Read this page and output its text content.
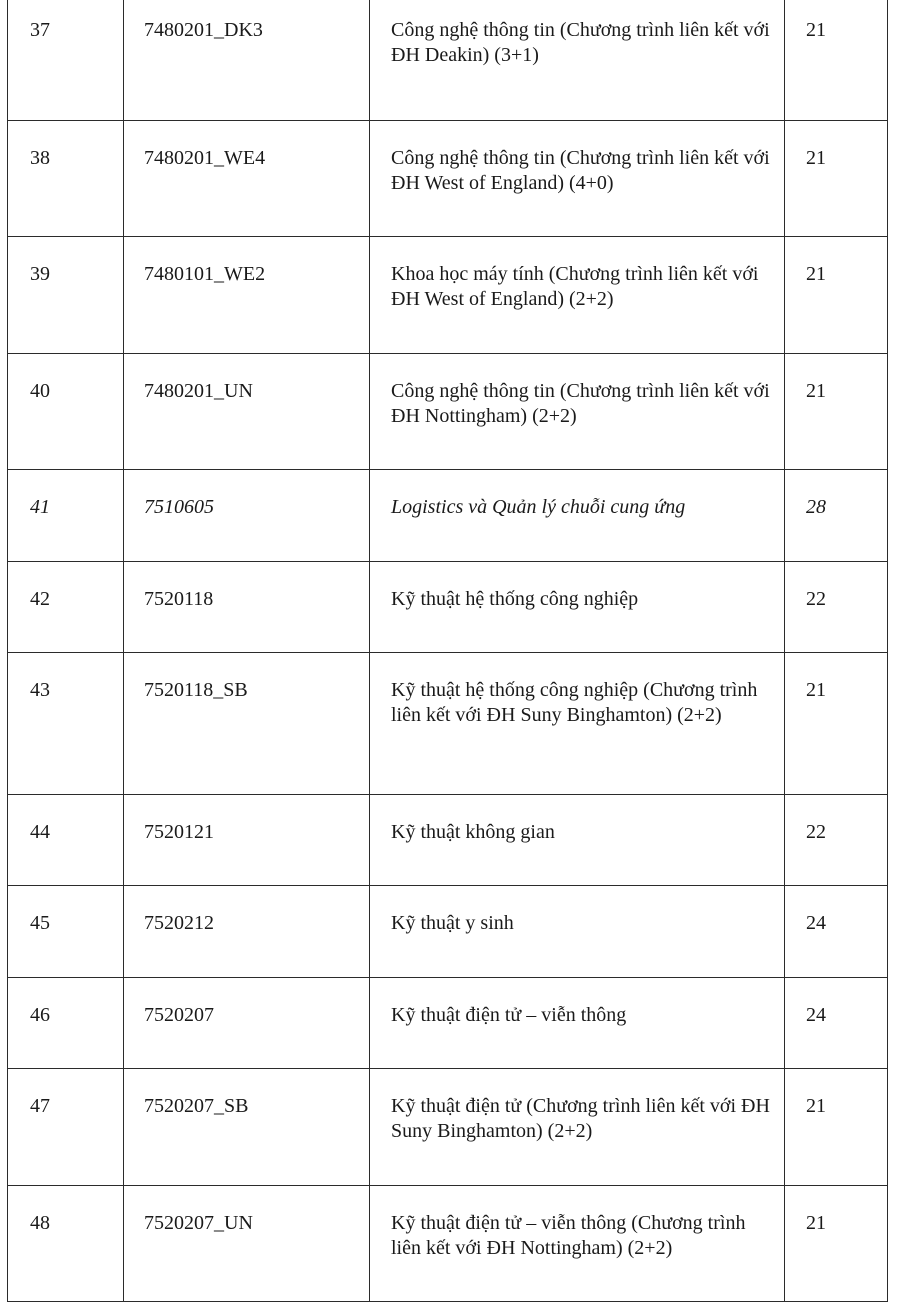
37	7480201_DK3	Công nghệ thông tin (Chương trình liên kết với ĐH Deakin) (3+1)	21

38	7480201_WE4	Công nghệ thông tin (Chương trình liên kết với ĐH West of England) (4+0)	21

39	7480101_WE2	Khoa học máy tính (Chương trình liên kết với ĐH West of England) (2+2)	21

40	7480201_UN	Công nghệ thông tin (Chương trình liên kết với ĐH Nottingham) (2+2)	21

41	7510605	Logistics và Quản lý chuỗi cung ứng	28

42	7520118	Kỹ thuật hệ thống công nghiệp	22

43	7520118_SB	Kỹ thuật hệ thống công nghiệp (Chương trình liên kết với ĐH Suny Binghamton) (2+2)	21

44	7520121	Kỹ thuật không gian	22

45	7520212	Kỹ thuật y sinh	24

46	7520207	Kỹ thuật điện tử – viễn thông	24

47	7520207_SB	Kỹ thuật điện tử (Chương trình liên kết với ĐH Suny Binghamton) (2+2)	21

48	7520207_UN	Kỹ thuật điện tử – viễn thông (Chương trình liên kết với ĐH Nottingham) (2+2)	21
